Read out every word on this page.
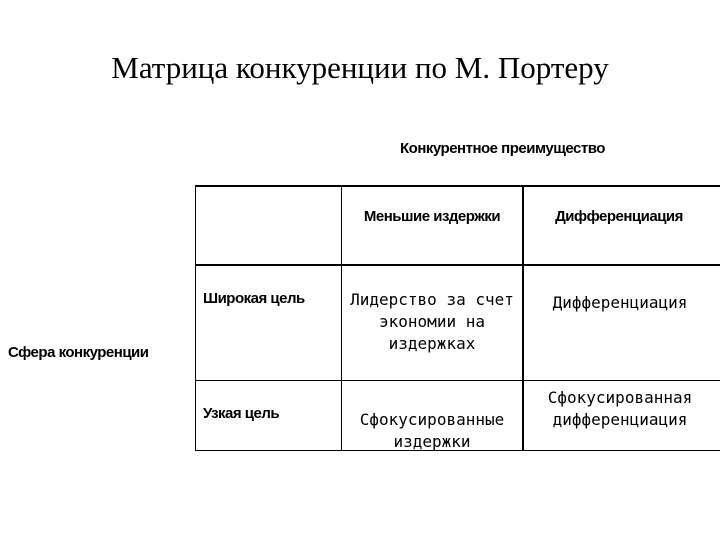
Матрица конкуренции по М. Портеру
Конкурентное преимущество
Сфера конкуренции
Меньшие издержки	Дифференциация
Широкая цель
Узкая цель
Лидерство за счет экономии на издержках
Дифференциация
Сфокусированные издержки
Сфокусированная дифференциация
